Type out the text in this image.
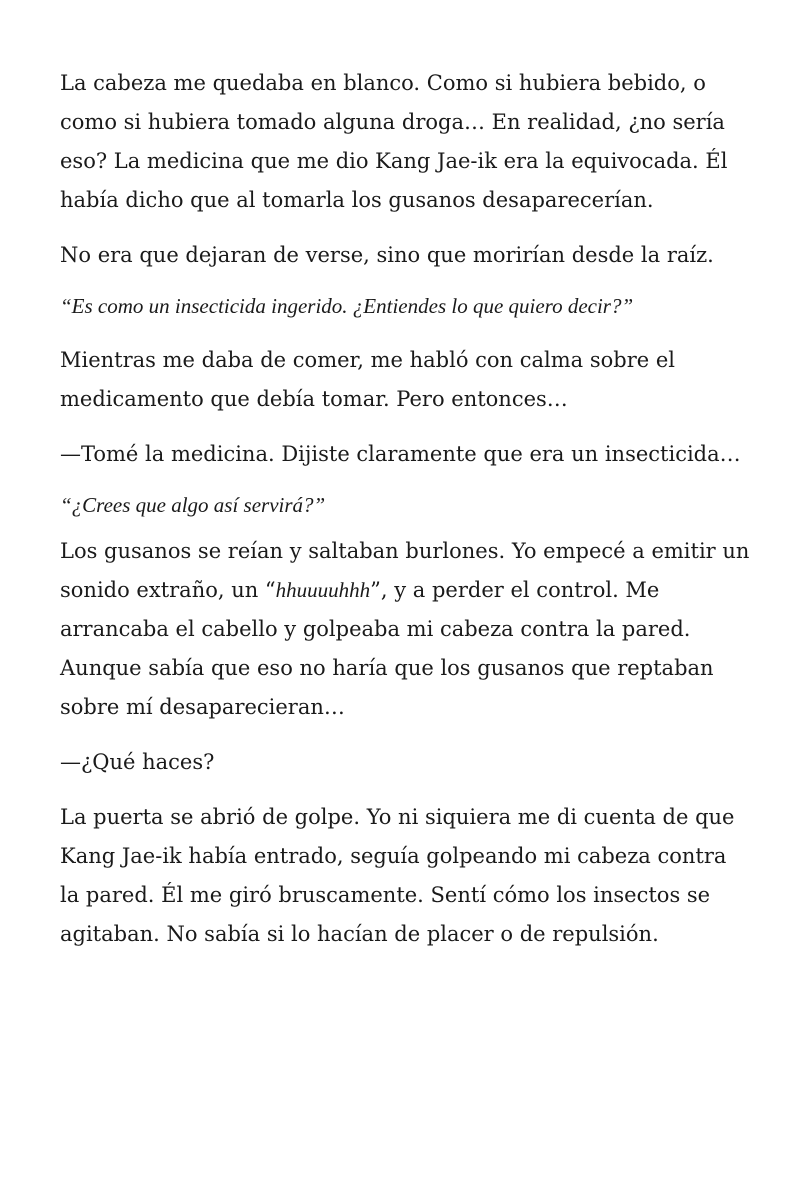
La cabeza me quedaba en blanco. Como si hubiera bebido, o como si hubiera tomado alguna droga… En realidad, ¿no sería eso? La medicina que me dio Kang Jae-ik era la equivocada. Él había dicho que al tomarla los gusanos desaparecerían.

No era que dejaran de verse, sino que morirían desde la raíz.

“Es como un insecticida ingerido. ¿Entiendes lo que quiero decir?”

Mientras me daba de comer, me habló con calma sobre el medicamento que debía tomar. Pero entonces…

—Tomé la medicina. Dijiste claramente que era un insecticida…

“¿Crees que algo así servirá?”

Los gusanos se reían y saltaban burlones. Yo empecé a emitir un sonido extraño, un “hhuuuuhhh”, y a perder el control. Me arrancaba el cabello y golpeaba mi cabeza contra la pared. Aunque sabía que eso no haría que los gusanos que reptaban sobre mí desaparecieran…

—¿Qué haces?

La puerta se abrió de golpe. Yo ni siquiera me di cuenta de que Kang Jae-ik había entrado, seguía golpeando mi cabeza contra la pared. Él me giró bruscamente. Sentí cómo los insectos se agitaban. No sabía si lo hacían de placer o de repulsión.
